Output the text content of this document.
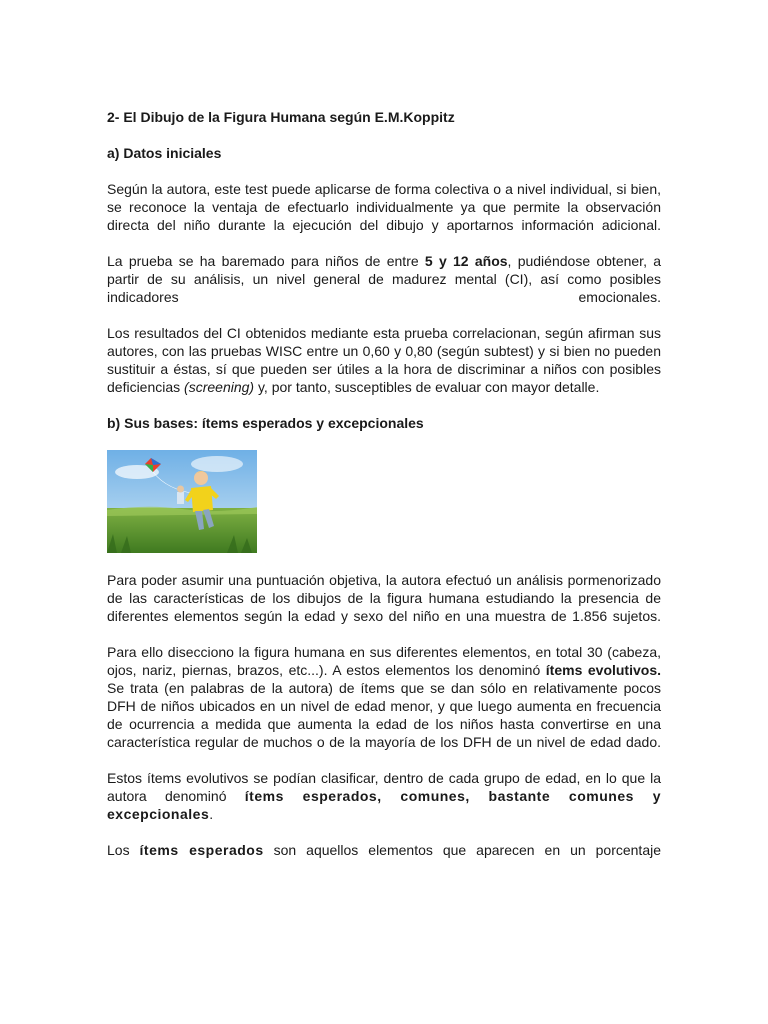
2- El Dibujo de la Figura Humana según E.M.Koppitz
a) Datos iniciales

Según la autora, este test puede aplicarse de forma colectiva o a nivel individual, si bien, se reconoce la ventaja de efectuarlo individualmente ya que permite la observación directa del niño durante la ejecución del dibujo y aportarnos información adicional.

La prueba se ha baremado para niños de entre 5 y 12 años, pudiéndose obtener, a partir de su análisis, un nivel general de madurez mental (CI), así como posibles indicadores emocionales.

Los resultados del CI obtenidos mediante esta prueba correlacionan, según afirman sus autores, con las pruebas WISC entre un 0,60 y 0,80 (según subtest) y si bien no pueden sustituir a éstas, sí que pueden ser útiles a la hora de discriminar a niños con posibles deficiencias (screening) y, por tanto, susceptibles de evaluar con mayor detalle.

b) Sus bases: ítems esperados y excepcionales

Para poder asumir una puntuación objetiva, la autora efectuó un análisis pormenorizado de las características de los dibujos de la figura humana estudiando la presencia de diferentes elementos según la edad y sexo del niño en una muestra de 1.856 sujetos.

Para ello disecciono la figura humana en sus diferentes elementos, en total 30 (cabeza, ojos, nariz, piernas, brazos, etc...). A estos elementos los denominó ítems evolutivos. Se trata (en palabras de la autora) de ítems que se dan sólo en relativamente pocos DFH de niños ubicados en un nivel de edad menor, y que luego aumenta en frecuencia de ocurrencia a medida que aumenta la edad de los niños hasta convertirse en una característica regular de muchos o de la mayoría de los DFH de un nivel de edad dado.

Estos ítems evolutivos se podían clasificar, dentro de cada grupo de edad, en lo que la autora denominó ítems esperados, comunes, bastante comunes y excepcionales.

Los ítems esperados son aquellos elementos que aparecen en un porcentaje
